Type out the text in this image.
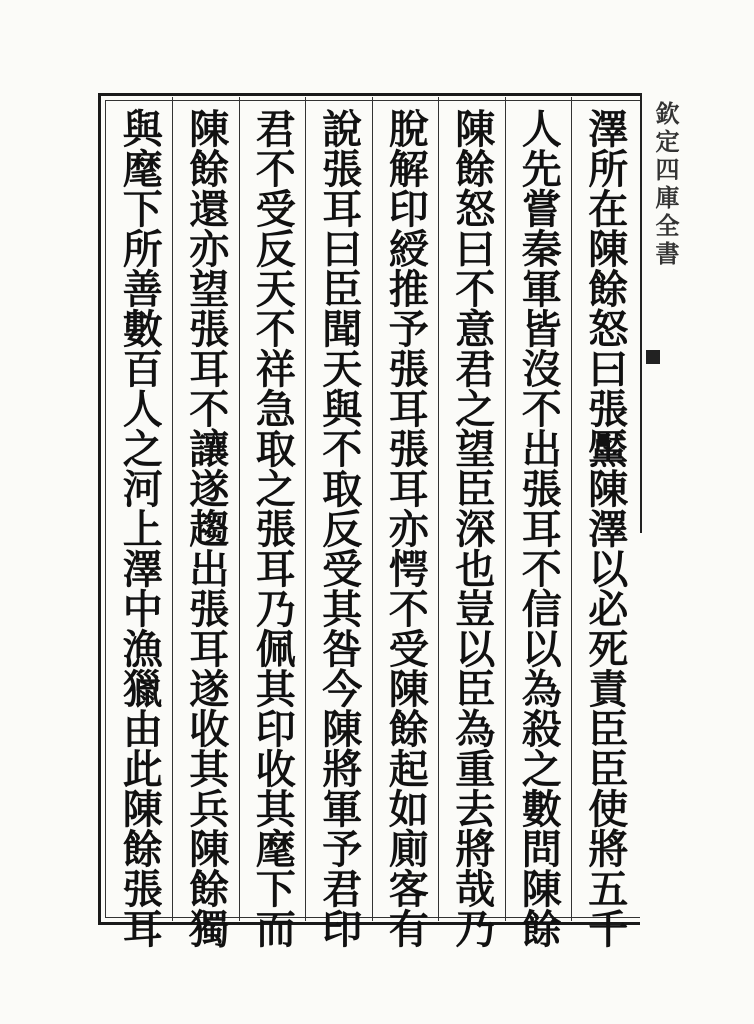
欽定四庫全書
澤所在陳餘怒曰張黶陳澤以必死責臣臣使將五千
人先嘗秦軍皆沒不出張耳不信以為殺之數問陳餘
陳餘怒曰不意君之望臣深也豈以臣為重去將哉乃
脫解印綬推予張耳張耳亦愕不受陳餘起如廁客有
說張耳曰臣聞天與不取反受其咎今陳將軍予君印
君不受反天不祥急取之張耳乃佩其印收其麾下而
陳餘還亦望張耳不讓遂趨出張耳遂收其兵陳餘獨
與麾下所善數百人之河上澤中漁獵由此陳餘張耳
